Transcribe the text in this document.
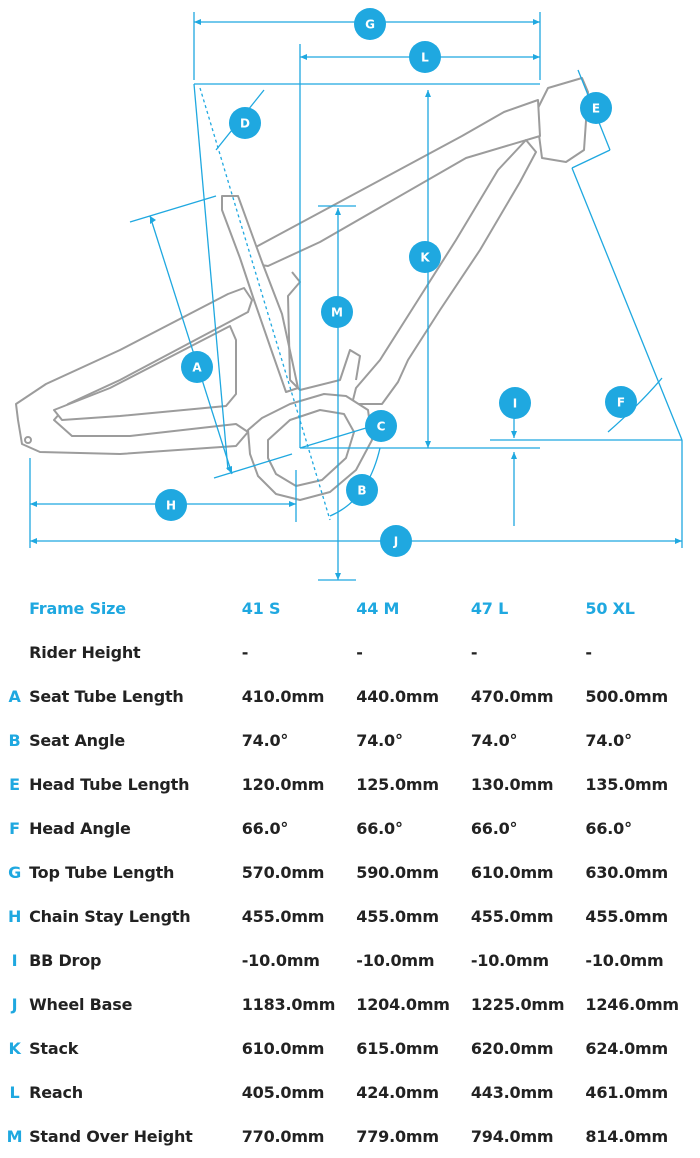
G
L
E
D
K
M
A
I	F
C
B
H
J
	Frame Size	41 S	44 M	47 L	50 XL
	Rider Height	-	-	-	-
A	Seat Tube Length	410.0mm	440.0mm	470.0mm	500.0mm
B	Seat Angle	74.0°	74.0°	74.0°	74.0°
E	Head Tube Length	120.0mm	125.0mm	130.0mm	135.0mm
F	Head Angle	66.0°	66.0°	66.0°	66.0°
G	Top Tube Length	570.0mm	590.0mm	610.0mm	630.0mm
H	Chain Stay Length	455.0mm	455.0mm	455.0mm	455.0mm
I	BB Drop	-10.0mm	-10.0mm	-10.0mm	-10.0mm
J	Wheel Base	1183.0mm	1204.0mm	1225.0mm	1246.0mm
K	Stack	610.0mm	615.0mm	620.0mm	624.0mm
L	Reach	405.0mm	424.0mm	443.0mm	461.0mm
M	Stand Over Height	770.0mm	779.0mm	794.0mm	814.0mm
